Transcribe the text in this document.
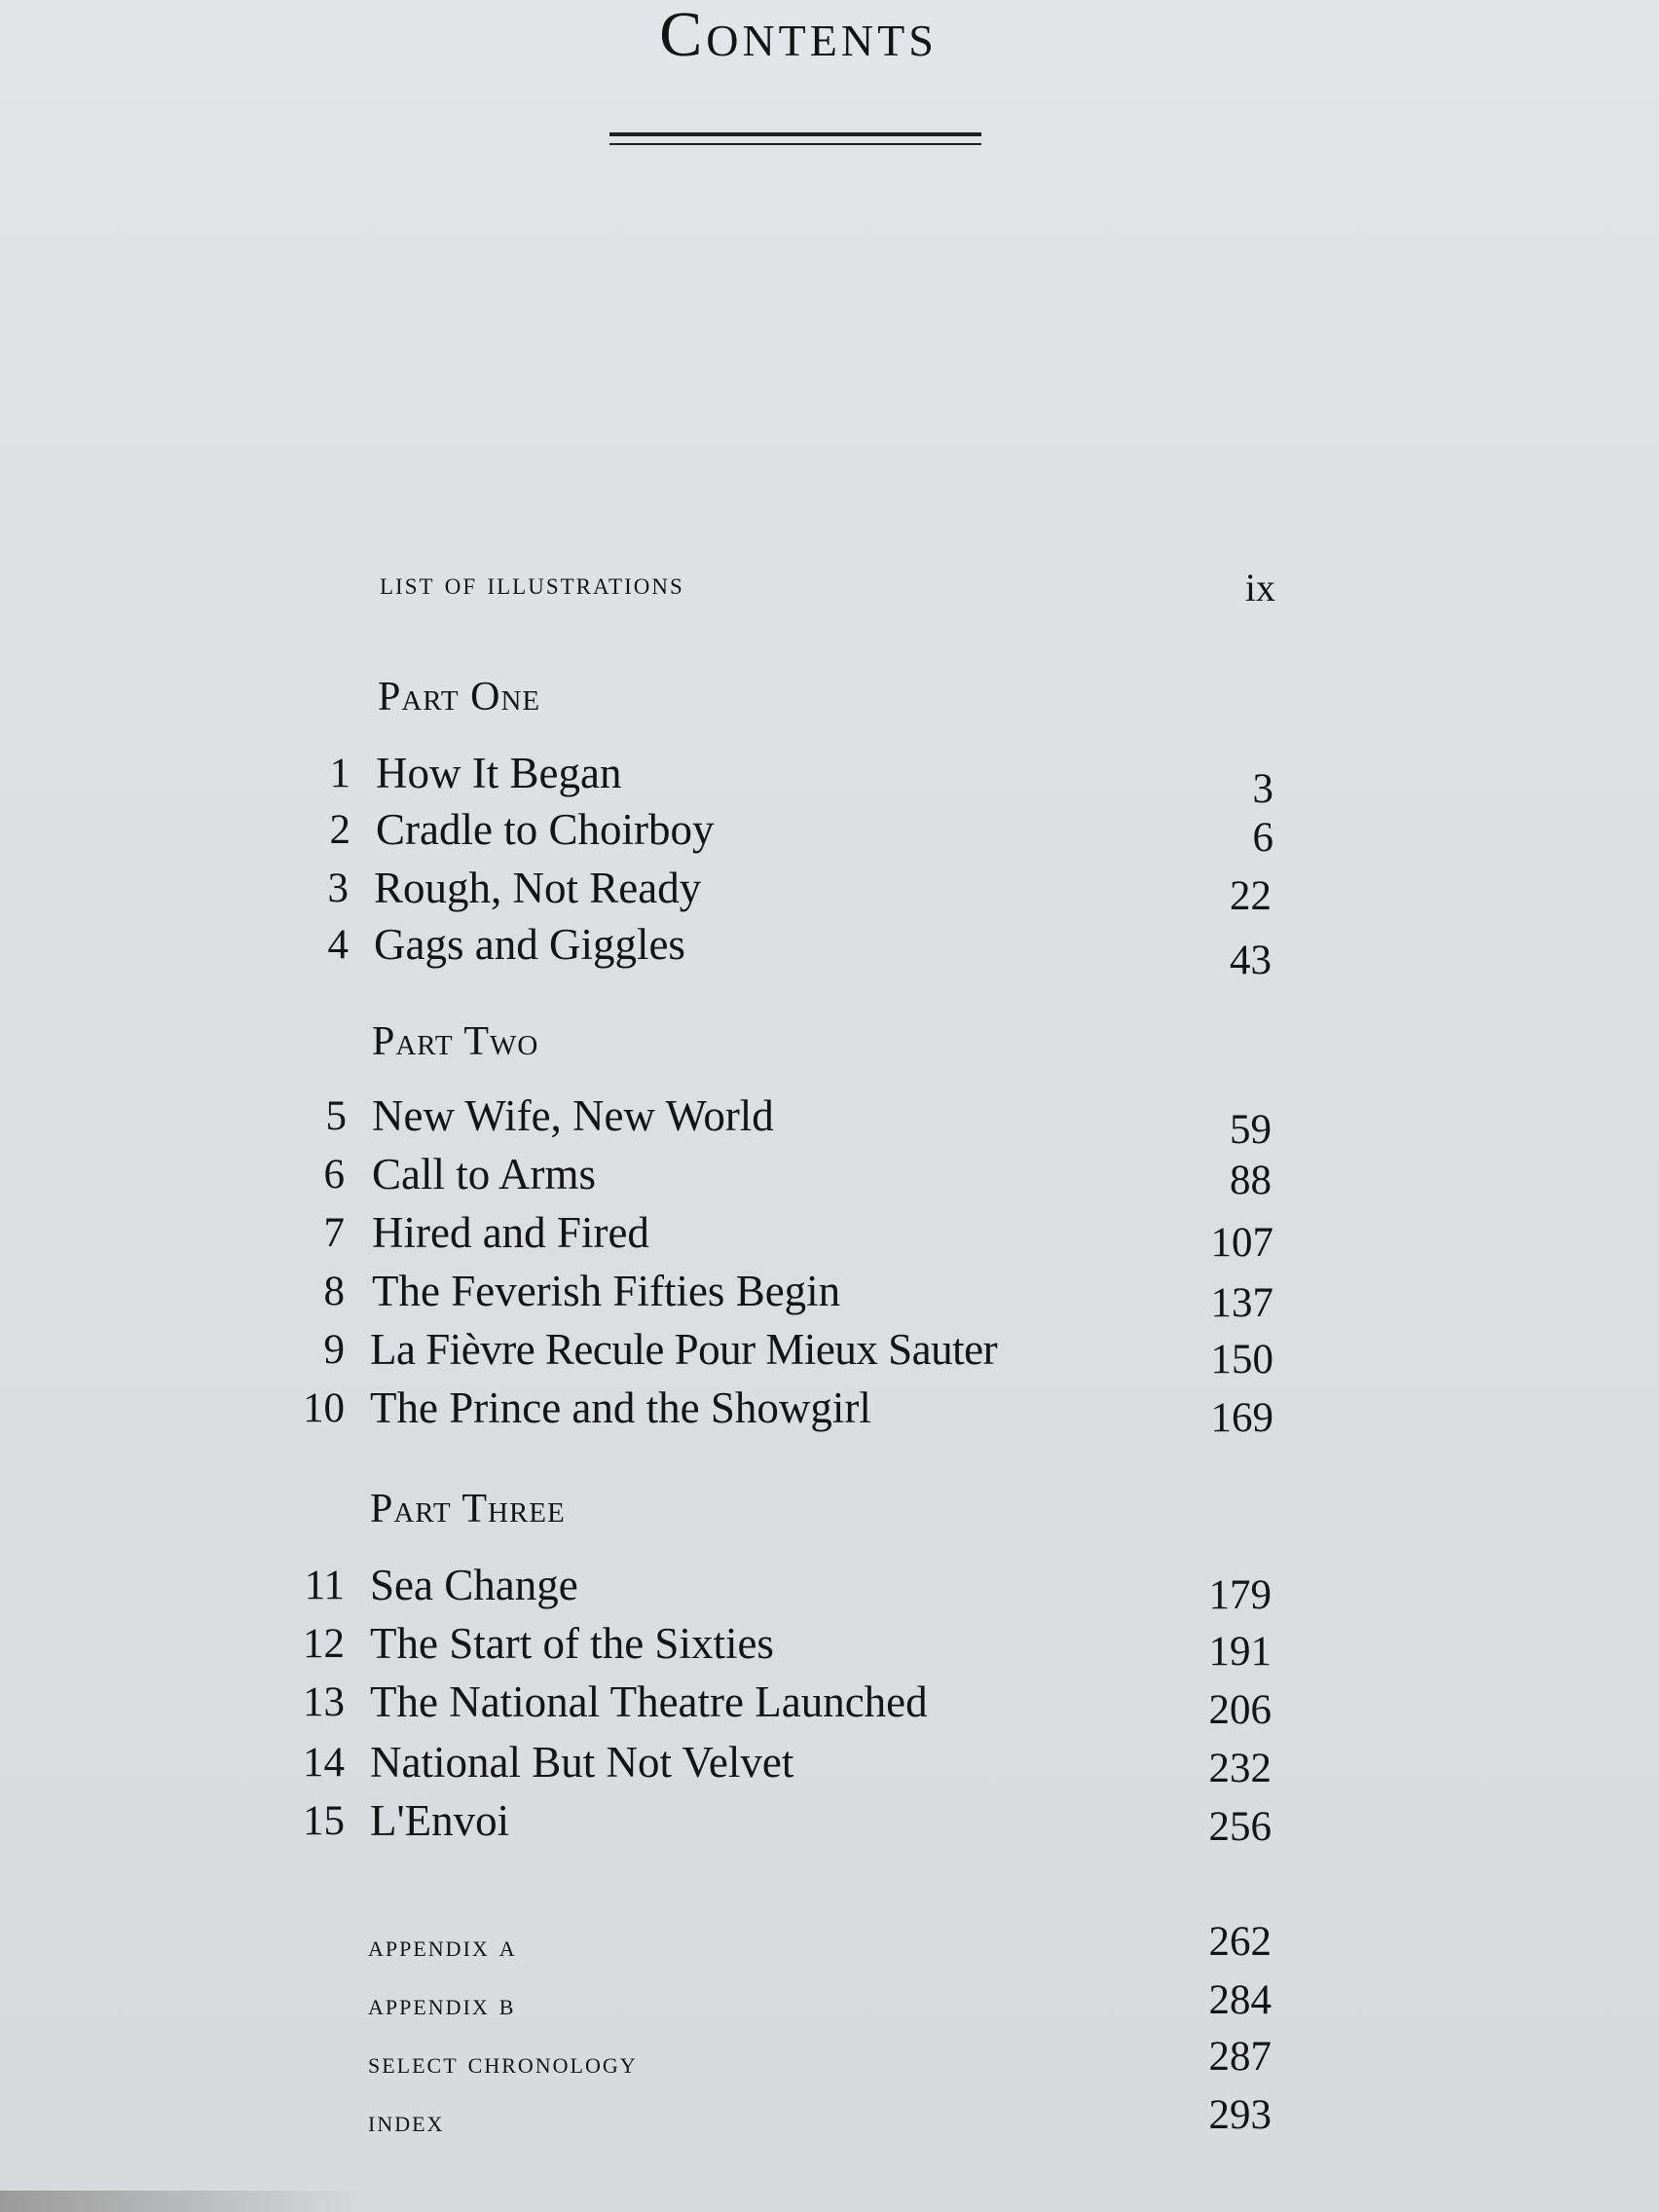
Contents
list of illustrations	ix
Part One
1 How It Began	3
2 Cradle to Choirboy	6
3 Rough, Not Ready	22
4 Gags and Giggles	43
Part Two
5 New Wife, New World	59
6 Call to Arms	88
7 Hired and Fired	107
8 The Feverish Fifties Begin	137
9 La Fièvre Recule Pour Mieux Sauter	150
10 The Prince and the Showgirl	169
Part Three
11 Sea Change	179
12 The Start of the Sixties	191
13 The National Theatre Launched	206
14 National But Not Velvet	232
15 L'Envoi	256
appendix a	262
appendix b	284
select chronology	287
index	293
